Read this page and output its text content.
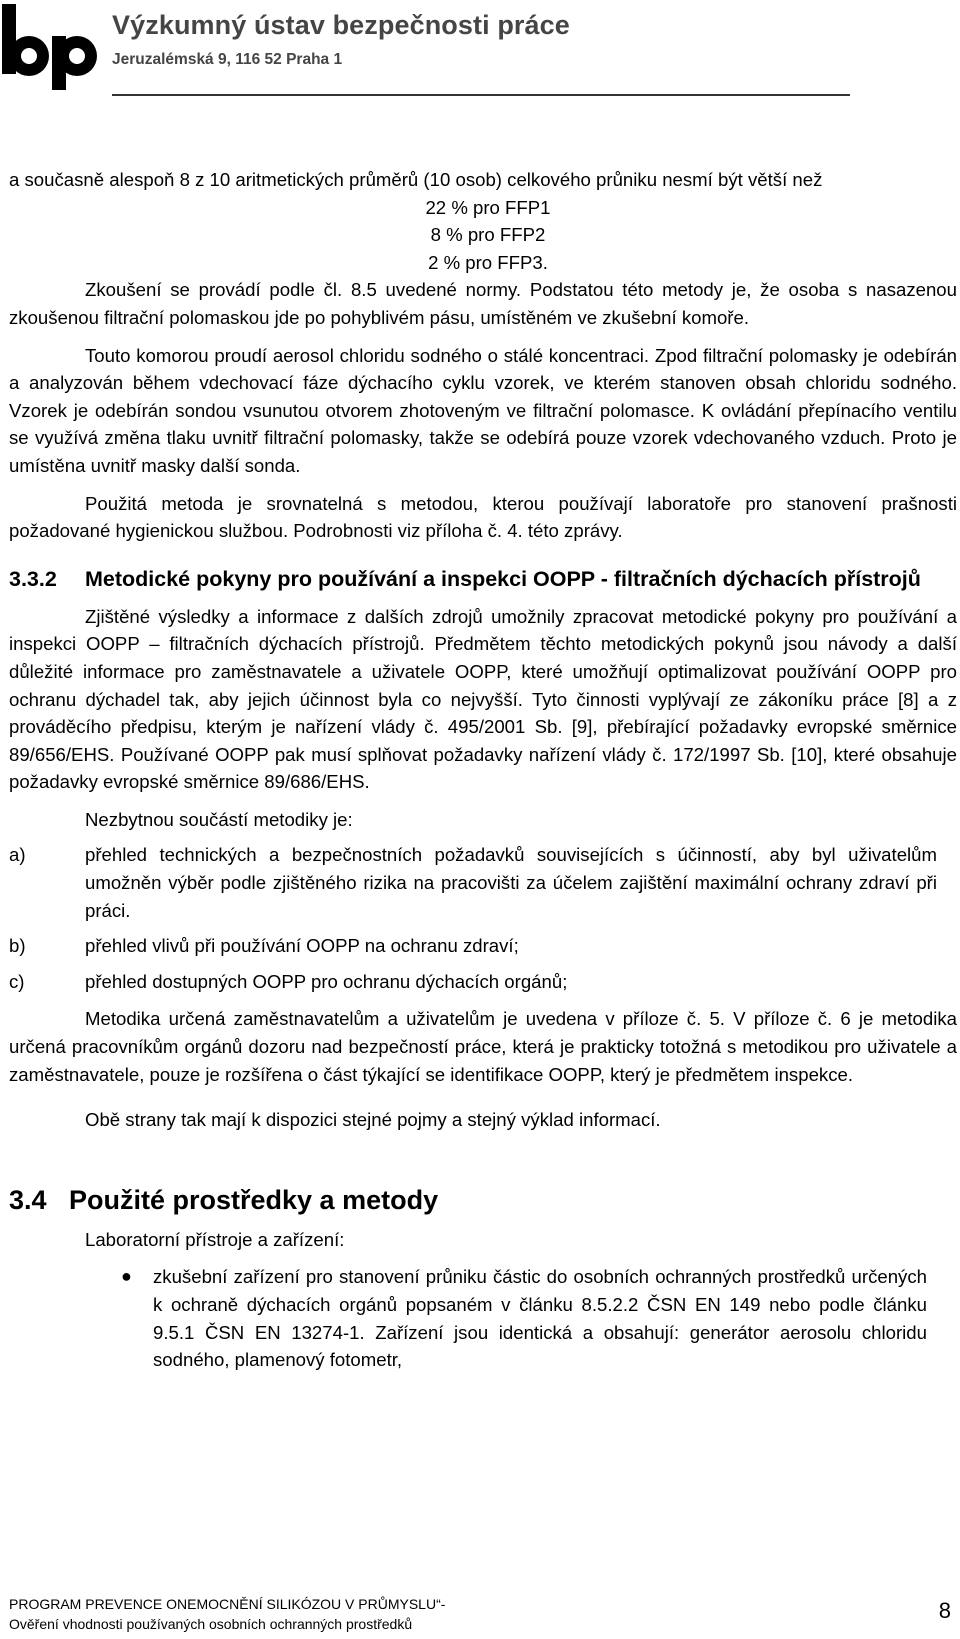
Výzkumný ústav bezpečnosti práce
Jeruzalémská 9, 116 52 Praha 1

a současně alespoň 8 z 10 aritmetických průměrů (10 osob) celkového průniku nesmí být větší než

22 % pro FFP1

8 % pro FFP2

2 % pro FFP3.

Zkoušení se provádí podle čl. 8.5 uvedené normy. Podstatou této metody je, že osoba s nasazenou zkoušenou filtrační polomaskou jde po pohyblivém pásu, umístěném ve zkušební komoře.

Touto komorou proudí aerosol chloridu sodného o stálé koncentraci. Zpod filtrační polomasky je odebírán a analyzován během vdechovací fáze dýchacího cyklu vzorek, ve kterém stanoven obsah chloridu sodného. Vzorek je odebírán sondou vsunutou otvorem zhotoveným ve filtrační polomasce. K ovládání přepínacího ventilu se využívá změna tlaku uvnitř filtrační polomasky, takže se odebírá pouze vzorek vdechovaného vzduch. Proto je umístěna uvnitř masky další sonda.

Použitá metoda je srovnatelná s metodou, kterou používají laboratoře pro stanovení prašnosti požadované hygienickou službou. Podrobnosti viz příloha č. 4. této zprávy.

3.3.2	Metodické pokyny pro používání a inspekci OOPP - filtračních dýchacích přístrojů

Zjištěné výsledky a informace z dalších zdrojů umožnily zpracovat metodické pokyny pro používání a inspekci OOPP – filtračních dýchacích přístrojů. Předmětem těchto metodických pokynů jsou návody a další důležité informace pro zaměstnavatele a uživatele OOPP, které umožňují optimalizovat používání OOPP pro ochranu dýchadel tak, aby jejich účinnost byla co nejvyšší. Tyto činnosti vyplývají ze zákoníku práce [8] a z prováděcího předpisu, kterým je nařízení vlády č. 495/2001 Sb. [9], přebírající požadavky evropské směrnice 89/656/EHS. Používané OOPP pak musí splňovat požadavky nařízení vlády č. 172/1997 Sb. [10], které obsahuje požadavky evropské směrnice 89/686/EHS.

Nezbytnou součástí metodiky je:

a)	přehled technických a bezpečnostních požadavků souvisejících s účinností, aby byl uživatelům umožněn výběr podle zjištěného rizika na pracovišti za účelem zajištění maximální ochrany zdraví při práci.
b)	přehled vlivů při používání OOPP na ochranu zdraví;
c)	přehled dostupných OOPP pro ochranu dýchacích orgánů;

Metodika určená zaměstnavatelům a uživatelům je uvedena v příloze č. 5. V příloze č. 6 je metodika určená pracovníkům orgánů dozoru nad bezpečností práce, která je prakticky totožná s metodikou pro uživatele a zaměstnavatele, pouze je rozšířena o část týkající se identifikace OOPP, který je předmětem inspekce.

Obě strany tak mají k dispozici stejné pojmy a stejný výklad informací.

3.4 Použité prostředky a metody

Laboratorní přístroje a zařízení:

●	zkušební zařízení pro stanovení průniku částic do osobních ochranných prostředků určených k ochraně dýchacích orgánů popsaném v článku 8.5.2.2 ČSN EN 149 nebo podle článku 9.5.1 ČSN EN 13274-1. Zařízení jsou identická a obsahují: generátor aerosolu chloridu sodného, plamenový fotometr,
PROGRAM PREVENCE ONEMOCNĚNÍ SILIKÓZOU V PRŮMYSLU“-
Ověření vhodnosti používaných osobních ochranných prostředků
8
